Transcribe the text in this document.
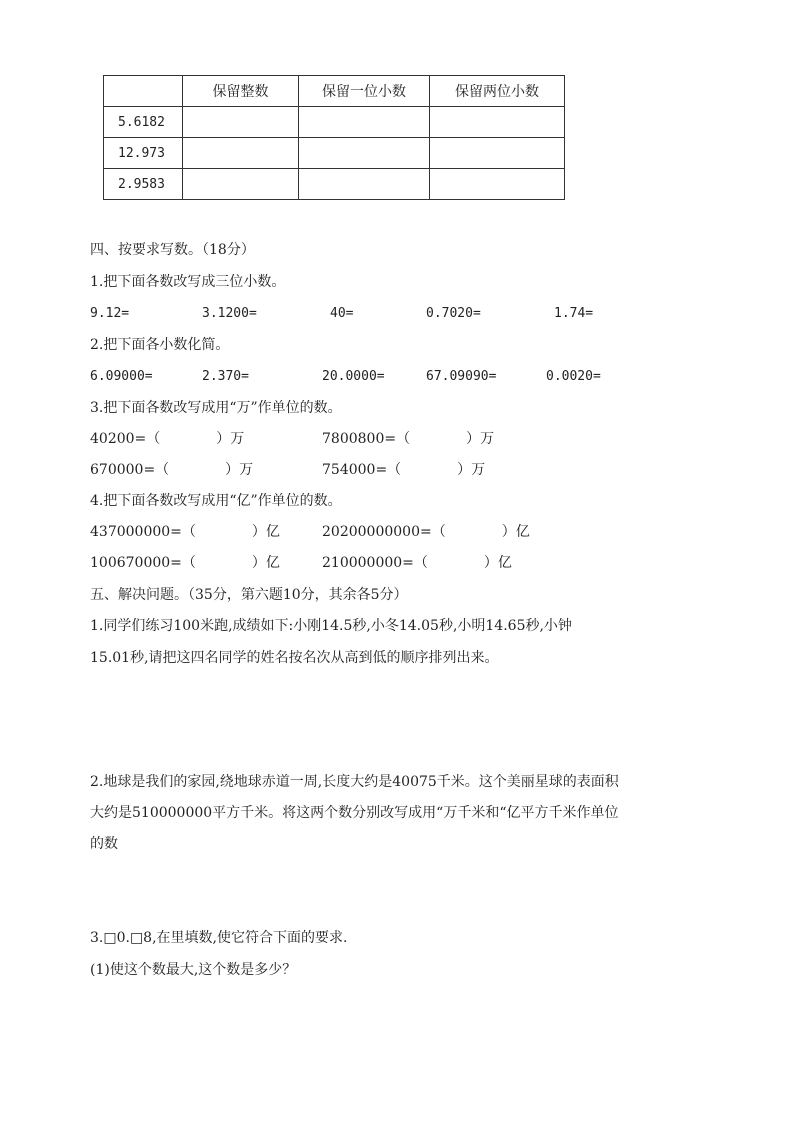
	保留整数	保留一位小数	保留两位小数
5.6182			
12.973			
2.9583			
四、按要求写数。（18分）
1.把下面各数改写成三位小数。
9.12=	3.1200=	40=	0.7020=	1.74=
2.把下面各小数化简。
6.09000=	2.370=	20.0000=	67.09090=	0.0020=
3.把下面各数改写成用“万”作单位的数。
40200=（　　　　）万	7800800=（　　　　）万
670000=（　　　　）万	754000=（　　　　）万
4.把下面各数改写成用“亿”作单位的数。
437000000=（　　　　）亿	20200000000=（　　　　）亿
100670000=（　　　　）亿	210000000=（　　　　）亿
五、解决问题。（35分，第六题10分，其余各5分）
1.同学们练习100米跑,成绩如下:小刚14.5秒,小冬14.05秒,小明14.65秒,小钟
15.01秒,请把这四名同学的姓名按名次从高到低的顺序排列出来。
2.地球是我们的家园,绕地球赤道一周,长度大约是40075千米。这个美丽星球的表面积
大约是510000000平方千米。将这两个数分别改写成用“万千米和“亿平方千米作单位
的数
3.□0.□8,在里填数,使它符合下面的要求.
(1)使这个数最大,这个数是多少？
